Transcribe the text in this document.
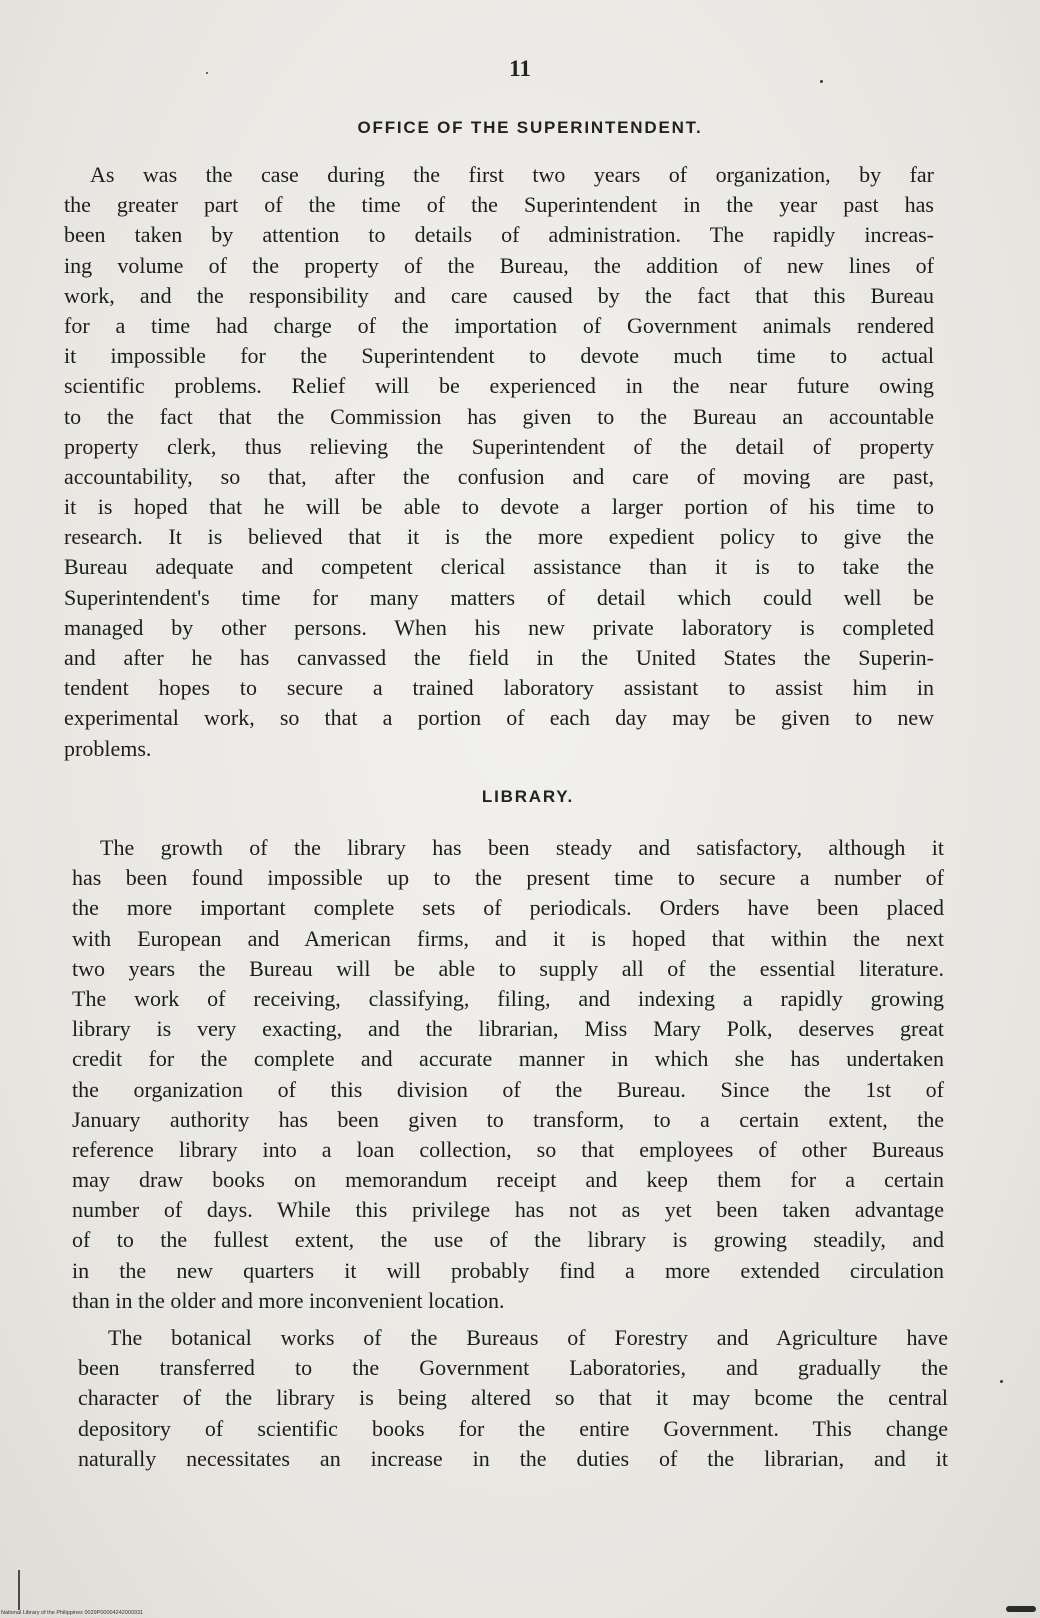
11
OFFICE OF THE SUPERINTENDENT.
As was the case during the first two years of organization, by far
the greater part of the time of the Superintendent in the year past has
been taken by attention to details of administration. The rapidly increas-
ing volume of the property of the Bureau, the addition of new lines of
work, and the responsibility and care caused by the fact that this Bureau
for a time had charge of the importation of Government animals rendered
it impossible for the Superintendent to devote much time to actual
scientific problems. Relief will be experienced in the near future owing
to the fact that the Commission has given to the Bureau an accountable
property clerk, thus relieving the Superintendent of the detail of property
accountability, so that, after the confusion and care of moving are past,
it is hoped that he will be able to devote a larger portion of his time to
research. It is believed that it is the more expedient policy to give the
Bureau adequate and competent clerical assistance than it is to take the
Superintendent's time for many matters of detail which could well be
managed by other persons. When his new private laboratory is completed
and after he has canvassed the field in the United States the Superin-
tendent hopes to secure a trained laboratory assistant to assist him in
experimental work, so that a portion of each day may be given to new
problems.
LIBRARY.
The growth of the library has been steady and satisfactory, although it
has been found impossible up to the present time to secure a number of
the more important complete sets of periodicals. Orders have been placed
with European and American firms, and it is hoped that within the next
two years the Bureau will be able to supply all of the essential literature.
The work of receiving, classifying, filing, and indexing a rapidly growing
library is very exacting, and the librarian, Miss Mary Polk, deserves great
credit for the complete and accurate manner in which she has undertaken
the organization of this division of the Bureau. Since the 1st of
January authority has been given to transform, to a certain extent, the
reference library into a loan collection, so that employees of other Bureaus
may draw books on memorandum receipt and keep them for a certain
number of days. While this privilege has not as yet been taken advantage
of to the fullest extent, the use of the library is growing steadily, and
in the new quarters it will probably find a more extended circulation
than in the older and more inconvenient location.
The botanical works of the Bureaus of Forestry and Agriculture have
been transferred to the Government Laboratories, and gradually the
character of the library is being altered so that it may bcome the central
depository of scientific books for the entire Government. This change
naturally necessitates an increase in the duties of the librarian, and it
National Library of the Philippines 0029P00004242000931
